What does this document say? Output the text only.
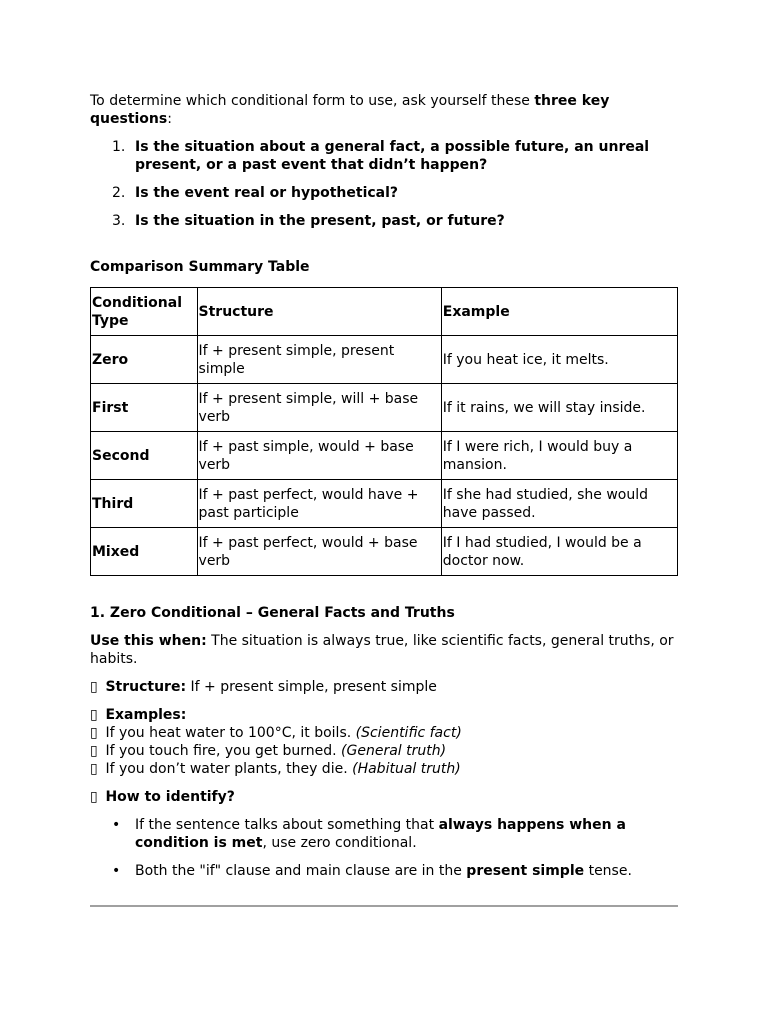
To determine which conditional form to use, ask yourself these three key questions:

1. Is the situation about a general fact, a possible future, an unreal present, or a past event that didn’t happen?
2. Is the event real or hypothetical?
3. Is the situation in the present, past, or future?

Comparison Summary Table

Conditional Type	Structure	Example
Zero	If + present simple, present simple	If you heat ice, it melts.
First	If + present simple, will + base verb	If it rains, we will stay inside.
Second	If + past simple, would + base verb	If I were rich, I would buy a mansion.
Third	If + past perfect, would have + past participle	If she had studied, she would have passed.
Mixed	If + past perfect, would + base verb	If I had studied, I would be a doctor now.

1. Zero Conditional – General Facts and Truths

Use this when: The situation is always true, like scientific facts, general truths, or habits.

▯ Structure: If + present simple, present simple

▯ Examples:
▯ If you heat water to 100°C, it boils. (Scientific fact)
▯ If you touch fire, you get burned. (General truth)
▯ If you don’t water plants, they die. (Habitual truth)

▯ How to identify?

• If the sentence talks about something that always happens when a condition is met, use zero conditional.
• Both the "if" clause and main clause are in the present simple tense.
